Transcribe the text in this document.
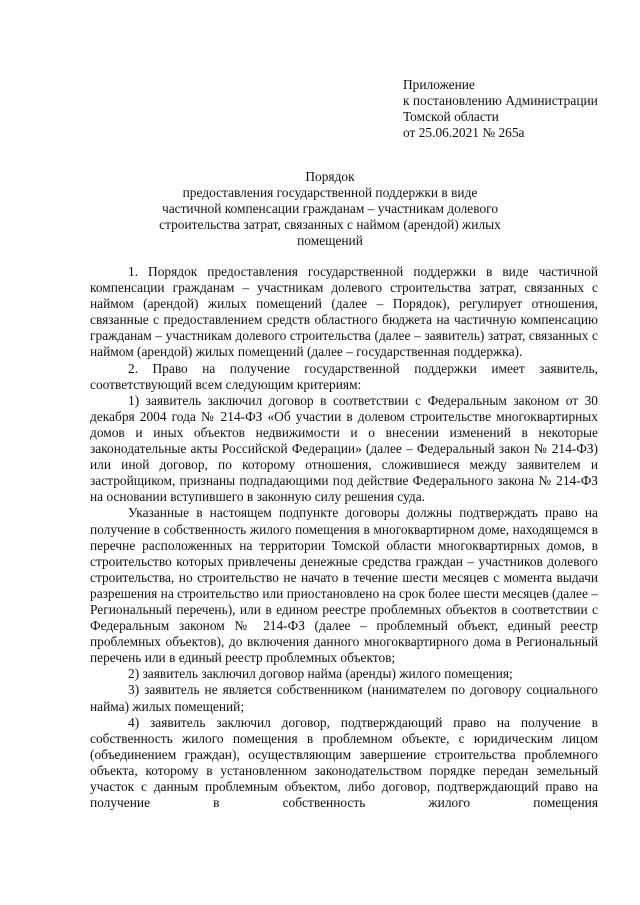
Приложение
к постановлению Администрации
Томской области
от 25.06.2021 № 265а
Порядок
предоставления государственной поддержки в виде
частичной компенсации гражданам – участникам долевого
строительства затрат, связанных с наймом (арендой) жилых
помещений

1. Порядок предоставления государственной поддержки в виде частичной компенсации гражданам – участникам долевого строительства затрат, связанных с наймом (арендой) жилых помещений (далее – Порядок), регулирует отношения, связанные с предоставлением средств областного бюджета на частичную компенсацию гражданам – участникам долевого строительства (далее – заявитель) затрат, связанных с наймом (арендой) жилых помещений (далее – государственная поддержка).

2. Право на получение государственной поддержки имеет заявитель, соответствующий всем следующим критериям:

1) заявитель заключил договор в соответствии с Федеральным законом от 30 декабря 2004 года № 214-ФЗ «Об участии в долевом строительстве многоквартирных домов и иных объектов недвижимости и о внесении изменений в некоторые законодательные акты Российской Федерации» (далее – Федеральный закон № 214-ФЗ) или иной договор, по которому отношения, сложившиеся между заявителем и застройщиком, признаны подпадающими под действие Федерального закона № 214-ФЗ на основании вступившего в законную силу решения суда.

Указанные в настоящем подпункте договоры должны подтверждать право на получение в собственность жилого помещения в многоквартирном доме, находящемся в перечне расположенных на территории Томской области многоквартирных домов, в строительство которых привлечены денежные средства граждан – участников долевого строительства, но строительство не начато в течение шести месяцев с момента выдачи разрешения на строительство или приостановлено на срок более шести месяцев (далее – Региональный перечень), или в едином реестре проблемных объектов в соответствии с Федеральным законом № 214-ФЗ (далее – проблемный объект, единый реестр проблемных объектов), до включения данного многоквартирного дома в Региональный перечень или в единый реестр проблемных объектов;

2) заявитель заключил договор найма (аренды) жилого помещения;

3) заявитель не является собственником (нанимателем по договору социального найма) жилых помещений;

4) заявитель заключил договор, подтверждающий право на получение в собственность жилого помещения в проблемном объекте, с юридическим лицом (объединением граждан), осуществляющим завершение строительства проблемного объекта, которому в установленном законодательством порядке передан земельный участок с данным проблемным объектом, либо договор, подтверждающий право на получение в собственность жилого помещения
